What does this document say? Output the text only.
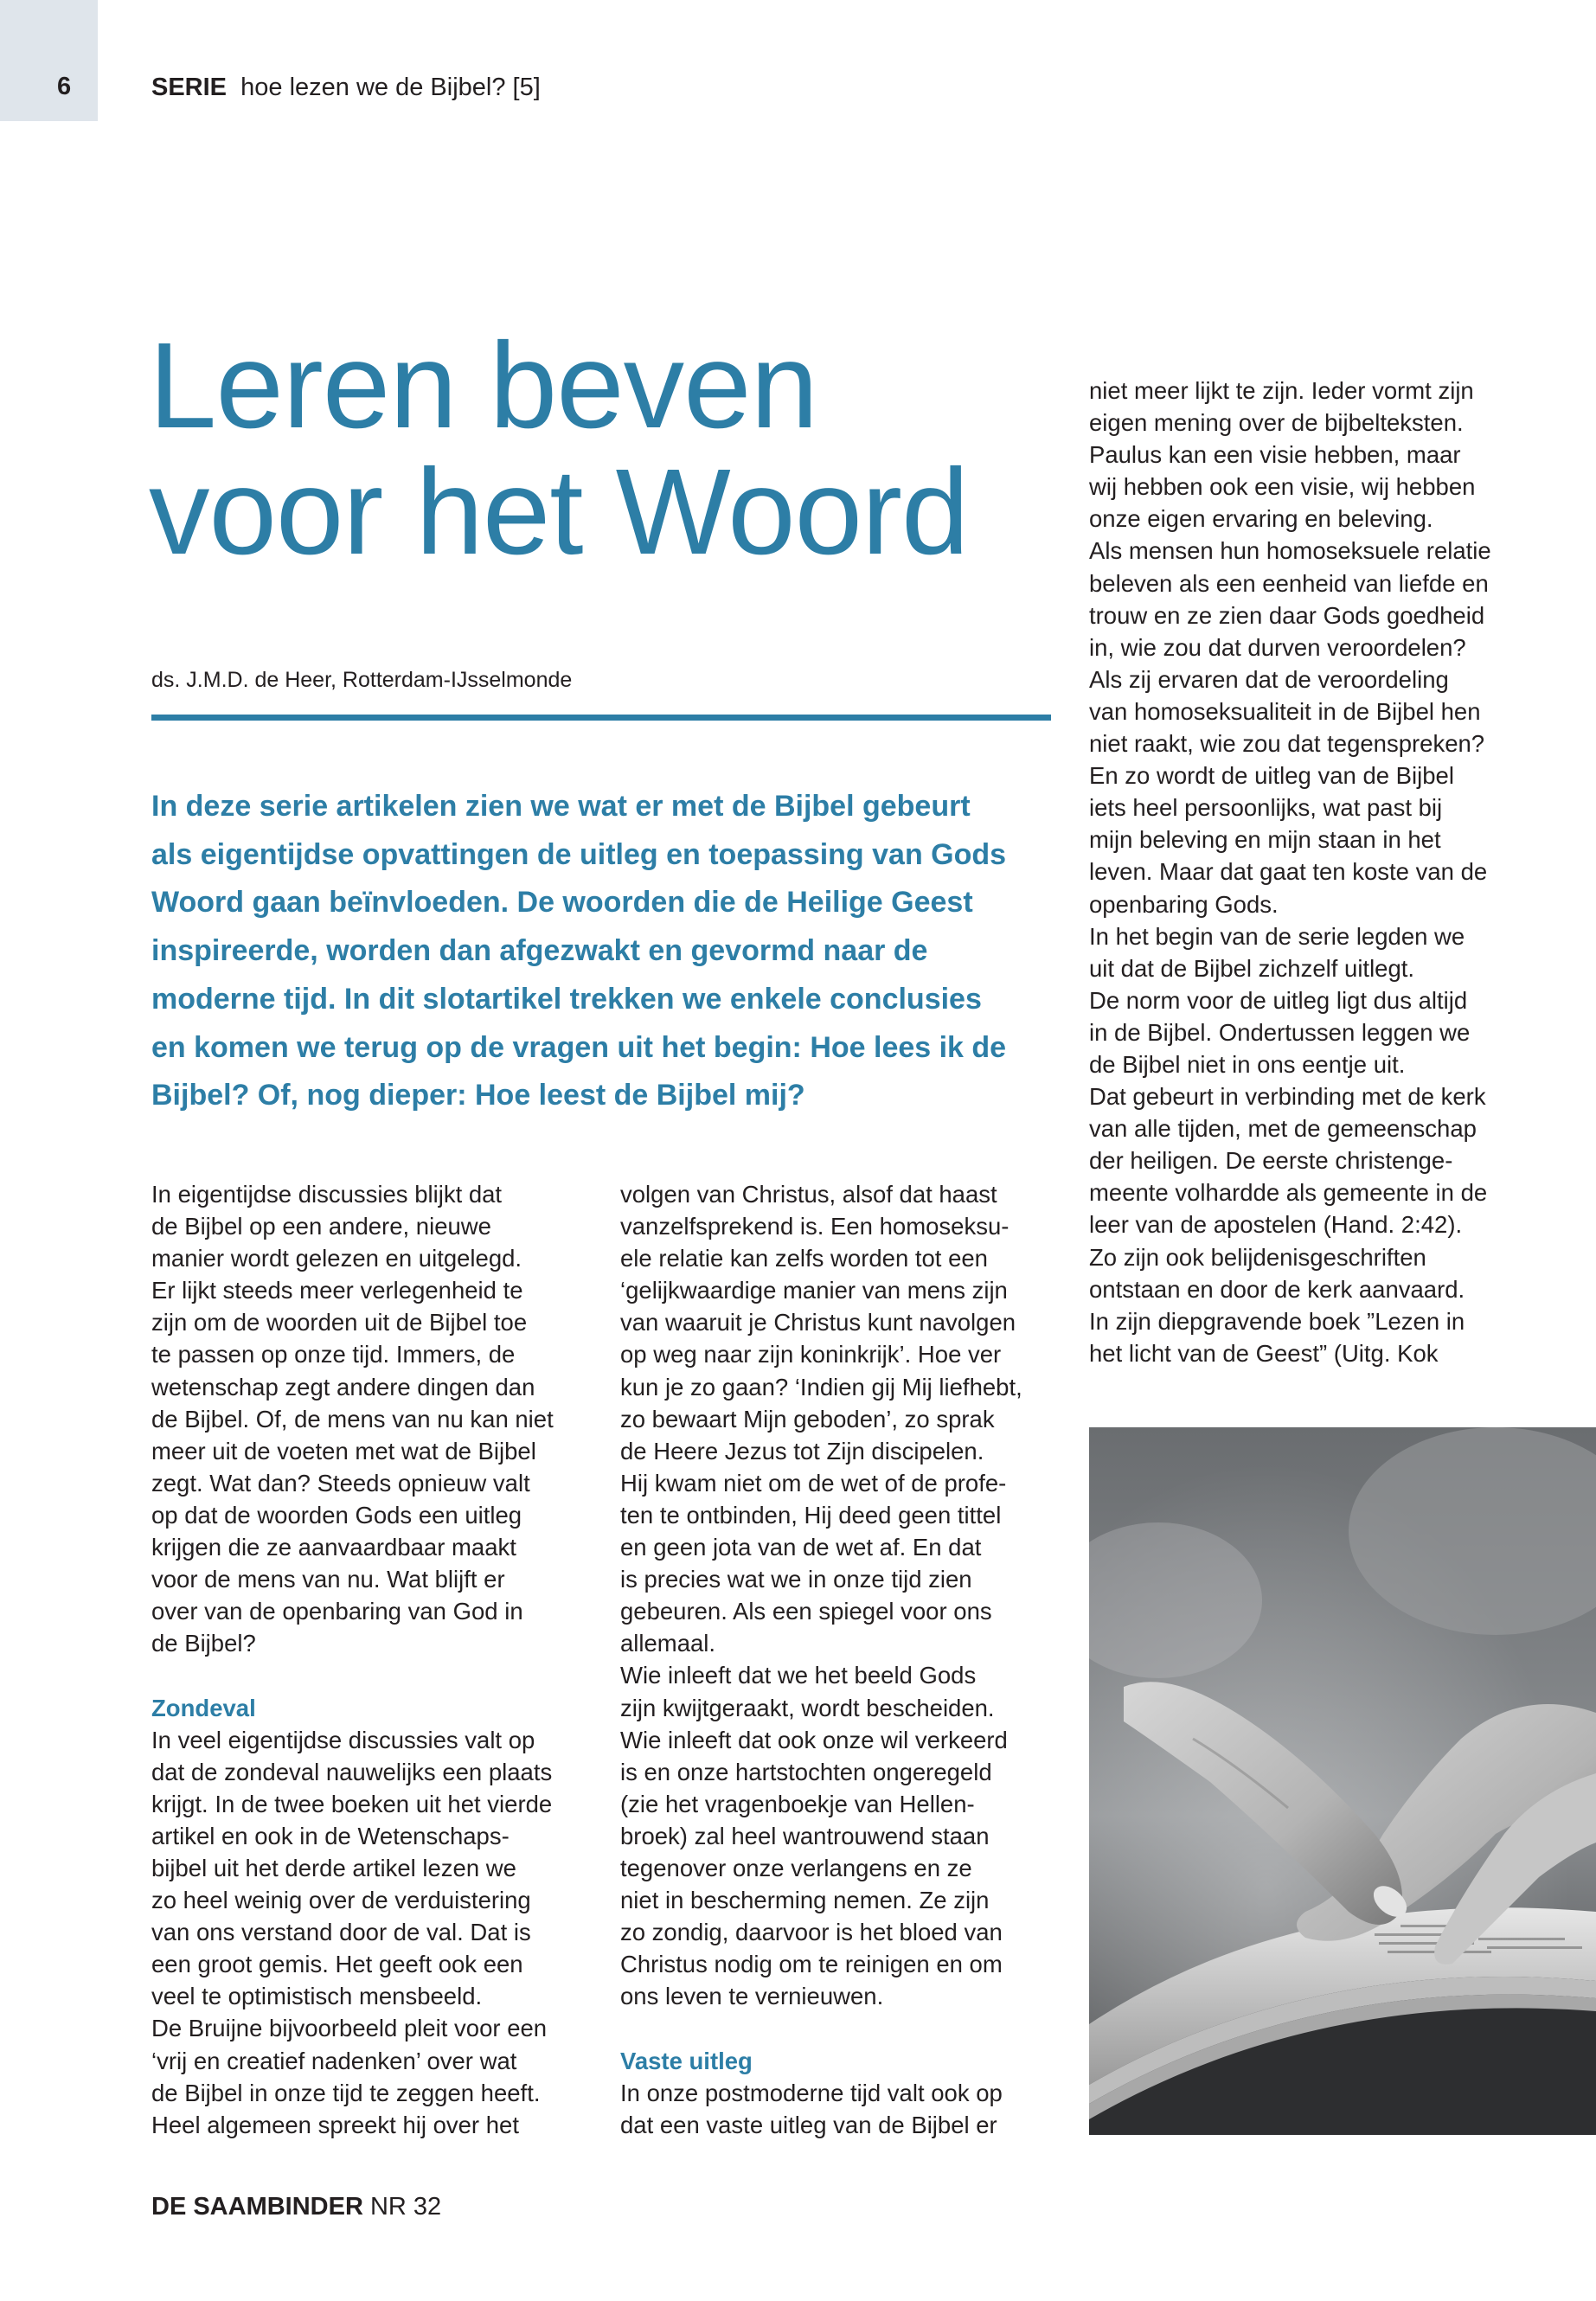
6	SERIE hoe lezen we de Bijbel? [5]
Leren beven
voor het Woord
ds. J.M.D. de Heer, Rotterdam-IJsselmonde
In deze serie artikelen zien we wat er met de Bijbel gebeurt
als eigentijdse opvattingen de uitleg en toepassing van Gods
Woord gaan beïnvloeden. De woorden die de Heilige Geest
inspireerde, worden dan afgezwakt en gevormd naar de
moderne tijd. In dit slotartikel trekken we enkele conclusies
en komen we terug op de vragen uit het begin: Hoe lees ik de
Bijbel? Of, nog dieper: Hoe leest de Bijbel mij?
In eigentijdse discussies blijkt dat
de Bijbel op een andere, nieuwe
manier wordt gelezen en uitgelegd.
Er lijkt steeds meer verlegenheid te
zijn om de woorden uit de Bijbel toe
te passen op onze tijd. Immers, de
wetenschap zegt andere dingen dan
de Bijbel. Of, de mens van nu kan niet
meer uit de voeten met wat de Bijbel
zegt. Wat dan? Steeds opnieuw valt
op dat de woorden Gods een uitleg
krijgen die ze aanvaardbaar maakt
voor de mens van nu. Wat blijft er
over van de openbaring van God in
de Bijbel?
Zondeval
In veel eigentijdse discussies valt op
dat de zondeval nauwelijks een plaats
krijgt. In de twee boeken uit het vierde
artikel en ook in de Wetenschaps-
bijbel uit het derde artikel lezen we
zo heel weinig over de verduistering
van ons verstand door de val. Dat is
een groot gemis. Het geeft ook een
veel te optimistisch mensbeeld.
De Bruijne bijvoorbeeld pleit voor een
‘vrij en creatief nadenken’ over wat
de Bijbel in onze tijd te zeggen heeft.
Heel algemeen spreekt hij over het
volgen van Christus, alsof dat haast
vanzelfsprekend is. Een homoseksu-
ele relatie kan zelfs worden tot een
‘gelijkwaardige manier van mens zijn
van waaruit je Christus kunt navolgen
op weg naar zijn koninkrijk’. Hoe ver
kun je zo gaan? ‘Indien gij Mij liefhebt,
zo bewaart Mijn geboden’, zo sprak
de Heere Jezus tot Zijn discipelen.
Hij kwam niet om de wet of de profe-
ten te ontbinden, Hij deed geen tittel
en geen jota van de wet af. En dat
is precies wat we in onze tijd zien
gebeuren. Als een spiegel voor ons
allemaal.
Wie inleeft dat we het beeld Gods
zijn kwijtgeraakt, wordt bescheiden.
Wie inleeft dat ook onze wil verkeerd
is en onze hartstochten ongeregeld
(zie het vragenboekje van Hellen-
broek) zal heel wantrouwend staan
tegenover onze verlangens en ze
niet in bescherming nemen. Ze zijn
zo zondig, daarvoor is het bloed van
Christus nodig om te reinigen en om
ons leven te vernieuwen.
Vaste uitleg
In onze postmoderne tijd valt ook op
dat een vaste uitleg van de Bijbel er
niet meer lijkt te zijn. Ieder vormt zijn
eigen mening over de bijbelteksten.
Paulus kan een visie hebben, maar
wij hebben ook een visie, wij hebben
onze eigen ervaring en beleving.
Als mensen hun homoseksuele relatie
beleven als een eenheid van liefde en
trouw en ze zien daar Gods goedheid
in, wie zou dat durven veroordelen?
Als zij ervaren dat de veroordeling
van homoseksualiteit in de Bijbel hen
niet raakt, wie zou dat tegenspreken?
En zo wordt de uitleg van de Bijbel
iets heel persoonlijks, wat past bij
mijn beleving en mijn staan in het
leven. Maar dat gaat ten koste van de
openbaring Gods.
In het begin van de serie legden we
uit dat de Bijbel zichzelf uitlegt.
De norm voor de uitleg ligt dus altijd
in de Bijbel. Ondertussen leggen we
de Bijbel niet in ons eentje uit.
Dat gebeurt in verbinding met de kerk
van alle tijden, met de gemeenschap
der heiligen. De eerste christenge-
meente volhardde als gemeente in de
leer van de apostelen (Hand. 2:42).
Zo zijn ook belijdenisgeschriften
ontstaan en door de kerk aanvaard.
In zijn diepgravende boek ”Lezen in
het licht van de Geest” (Uitg. Kok
DE SAAMBINDER NR 32
